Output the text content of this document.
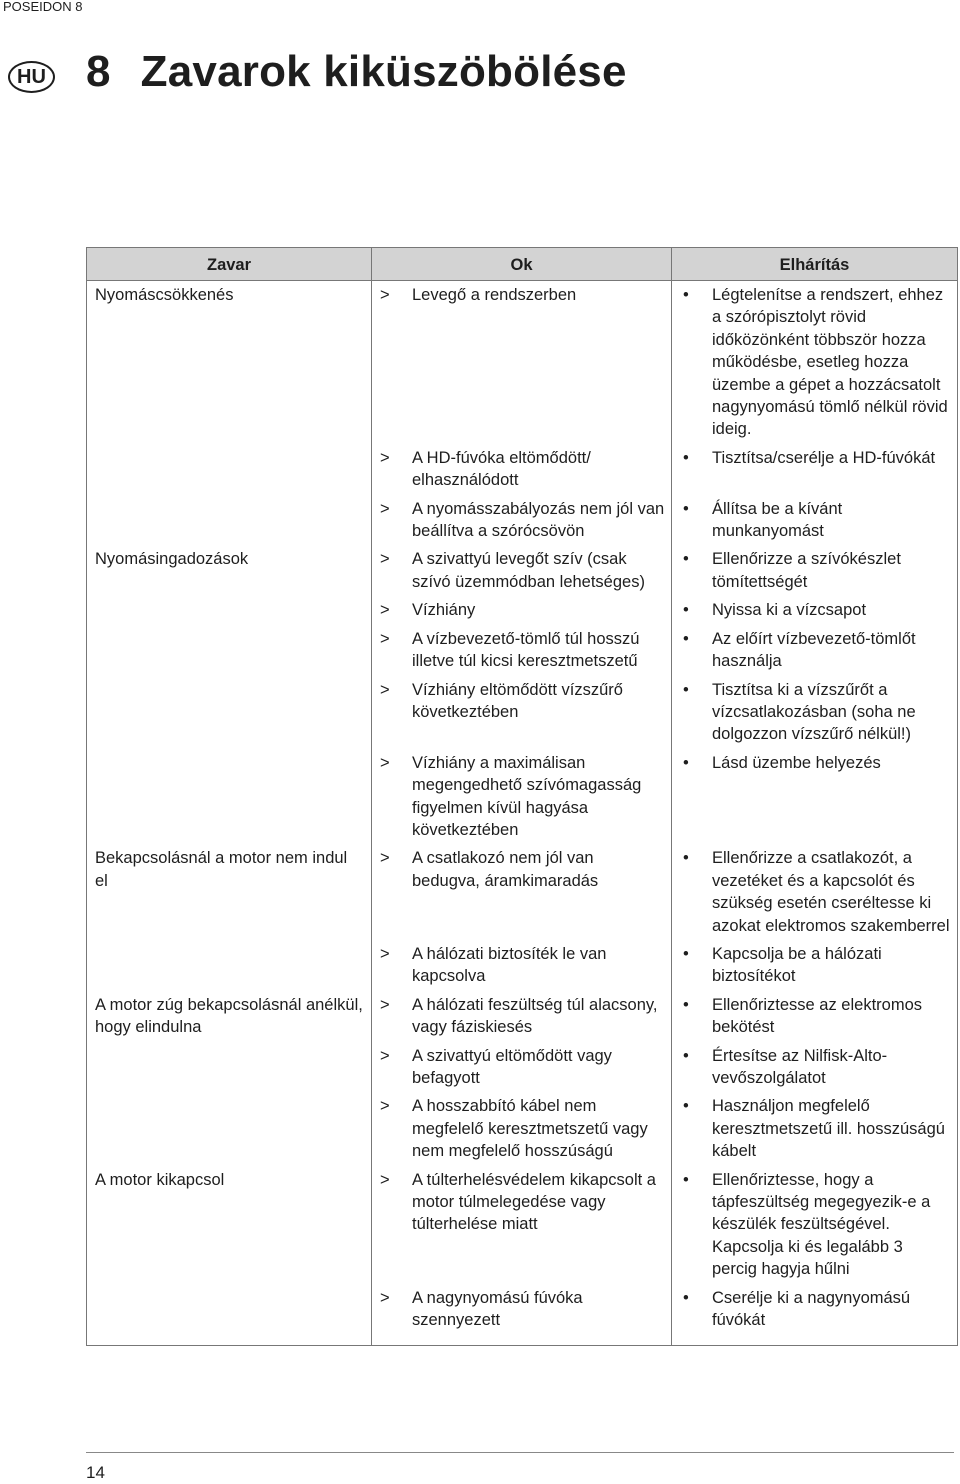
POSEIDON 8
HU 8 Zavarok kiküszöbölése
Zavar	Ok	Elhárítás
Nyomáscsökkenés	> Levegő a rendszerben	• Légtelenítse a rendszert, ehhez a szórópisztolyt rövid időközönként többször hozza működésbe, esetleg hozza üzembe a gépet a hozzácsatolt nagynyomású tömlő nélkül rövid ideig.

	> A HD-fúvóka eltömődött/ elhasználódott	• Tisztítsa/cserélje a HD-fúvókát

	> A nyomásszabályozás nem jól van beállítva a szórócsövön	• Állítsa be a kívánt munkanyomást

Nyomásingadozások	> A szivattyú levegőt szív (csak szívó üzemmódban lehetséges)	• Ellenőrizze a szívókészlet tömítettségét

	> Vízhiány	• Nyissa ki a vízcsapot

	> A vízbevezető-tömlő túl hosszú illetve túl kicsi keresztmetszetű	• Az előírt vízbevezető-tömlőt használja

	> Vízhiány eltömődött vízszűrő következtében	• Tisztítsa ki a vízszűrőt a vízcsatlakozásban (soha ne dolgozzon vízszűrő nélkül!)

	> Vízhiány a maximálisan megengedhető szívómagasság figyelmen kívül hagyása következtében	• Lásd üzembe helyezés

Bekapcsolásnál a motor nem indul el	> A csatlakozó nem jól van bedugva, áramkimaradás	• Ellenőrizze a csatlakozót, a vezetéket és a kapcsolót és szükség esetén cseréltesse ki azokat elektromos szakemberrel

	> A hálózati biztosíték le van kapcsolva	• Kapcsolja be a hálózati biztosítékot

A motor zúg bekapcsolásnál anélkül, hogy elindulna	> A hálózati feszültség túl alacsony, vagy fáziskiesés	• Ellenőriztesse az elektromos bekötést

	> A szivattyú eltömődött vagy befagyott	• Értesítse az Nilfisk-Alto-vevőszolgálatot

	> A hosszabbító kábel nem megfelelő keresztmetszetű vagy nem megfelelő hosszúságú	• Használjon megfelelő keresztmetszetű ill. hosszúságú kábelt

A motor kikapcsol	> A túlterhelésvédelem kikapcsolt a motor túlmelegedése vagy túlterhelése miatt	• Ellenőriztesse, hogy a tápfeszültség megegyezik-e a készülék feszültségével. Kapcsolja ki és legalább 3 percig hagyja hűlni

	> A nagynyomású fúvóka szennyezett	• Cserélje ki a nagynyomású fúvókát
14
